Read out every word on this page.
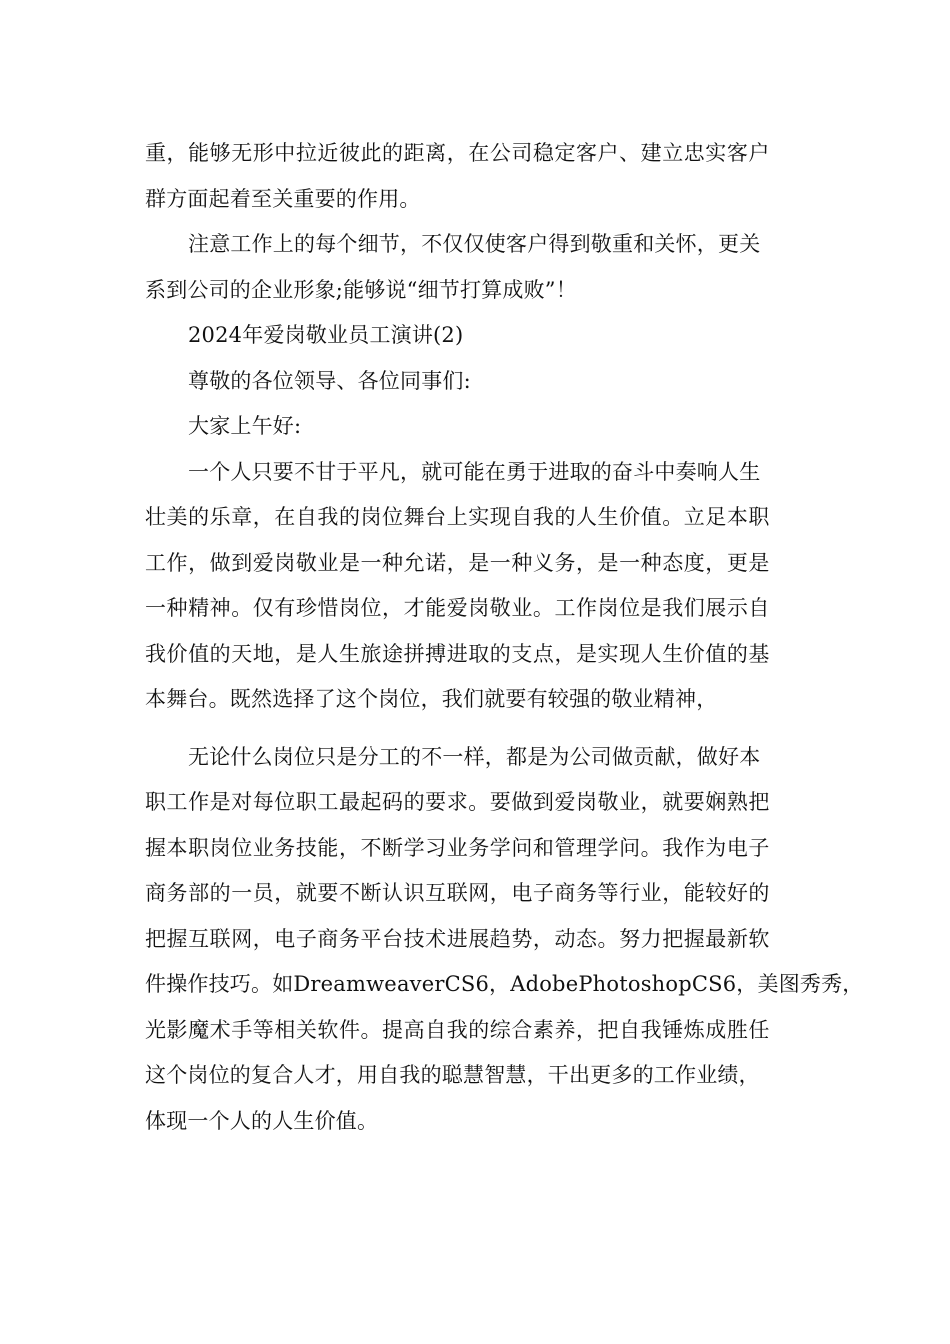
重，能够无形中拉近彼此的距离，在公司稳定客户、建立忠实客户
群方面起着至关重要的作用。
注意工作上的每个细节，不仅仅使客户得到敬重和关怀，更关
系到公司的企业形象;能够说“细节打算成败”！
2024年爱岗敬业员工演讲(2)
尊敬的各位领导、各位同事们:
大家上午好:
一个人只要不甘于平凡，就可能在勇于进取的奋斗中奏响人生
壮美的乐章，在自我的岗位舞台上实现自我的人生价值。立足本职
工作，做到爱岗敬业是一种允诺，是一种义务，是一种态度，更是
一种精神。仅有珍惜岗位，才能爱岗敬业。工作岗位是我们展示自
我价值的天地，是人生旅途拼搏进取的支点，是实现人生价值的基
本舞台。既然选择了这个岗位，我们就要有较强的敬业精神，
无论什么岗位只是分工的不一样，都是为公司做贡献，做好本
职工作是对每位职工最起码的要求。要做到爱岗敬业，就要娴熟把
握本职岗位业务技能，不断学习业务学问和管理学问。我作为电子
商务部的一员，就要不断认识互联网，电子商务等行业，能较好的
把握互联网，电子商务平台技术进展趋势，动态。努力把握最新软
件操作技巧。如DreamweaverCS6，AdobePhotoshopCS6，美图秀秀，
光影魔术手等相关软件。提高自我的综合素养，把自我锤炼成胜任
这个岗位的复合人才，用自我的聪慧智慧，干出更多的工作业绩，
体现一个人的人生价值。
